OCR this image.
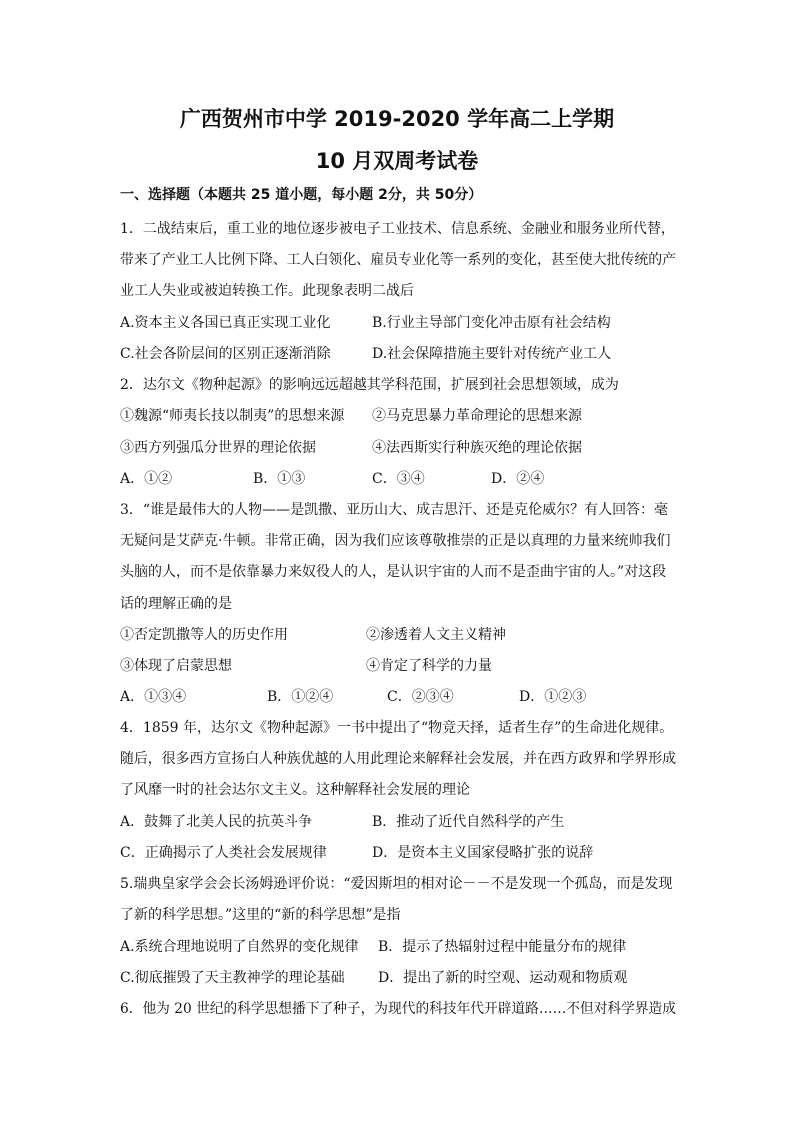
广西贺州市中学 2019-2020 学年高二上学期
10 月双周考试卷
一、选择题（本题共 25 道小题，每小题 2分，共 50分）
1．二战结束后，重工业的地位逐步被电子工业技术、信息系统、金融业和服务业所代替，
带来了产业工人比例下降、工人白领化、雇员专业化等一系列的变化，甚至使大批传统的产
业工人失业或被迫转换工作。此现象表明二战后
A.资本主义各国已真正实现工业化	B.行业主导部门变化冲击原有社会结构
C.社会各阶层间的区别正逐渐消除	D.社会保障措施主要针对传统产业工人
2．达尔文《物种起源》的影响远远超越其学科范围，扩展到社会思想领域，成为
①魏源“师夷长技以制夷”的思想来源 ②马克思暴力革命理论的思想来源
③西方列强瓜分世界的理论依据	④法西斯实行种族灭绝的理论依据
A．①②	B．①③	C．③④	D．②④
3．“谁是最伟大的人物——是凯撒、亚历山大、成吉思汗、还是克伦威尔？有人回答：毫
无疑问是艾萨克·牛顿。非常正确，因为我们应该尊敬推崇的正是以真理的力量来统帅我们
头脑的人，而不是依靠暴力来奴役人的人，是认识宇宙的人而不是歪曲宇宙的人。”对这段
话的理解正确的是
①否定凯撒等人的历史作用	②渗透着人文主义精神
③体现了启蒙思想	④肯定了科学的力量
A．①③④	B．①②④	C．②③④	D．①②③
4．1859 年，达尔文《物种起源》一书中提出了“物竞天择，适者生存”的生命进化规律。
随后，很多西方宣扬白人种族优越的人用此理论来解释社会发展，并在西方政界和学界形成
了风靡一时的社会达尔文主义。这种解释社会发展的理论
A．鼓舞了北美人民的抗英斗争	B．推动了近代自然科学的产生
C．正确揭示了人类社会发展规律	D．是资本主义国家侵略扩张的说辞
5.瑞典皇家学会会长汤姆逊评价说：“爱因斯坦的相对论－－不是发现一个孤岛，而是发现
了新的科学思想。”这里的“新的科学思想”是指
A.系统合理地说明了自然界的变化规律 B．提示了热辐射过程中能量分布的规律
C.彻底摧毁了天主教神学的理论基础 D．提出了新的时空观、运动观和物质观
6．他为 20 世纪的科学思想播下了种子，为现代的科技年代开辟道路……不但对科学界造成
